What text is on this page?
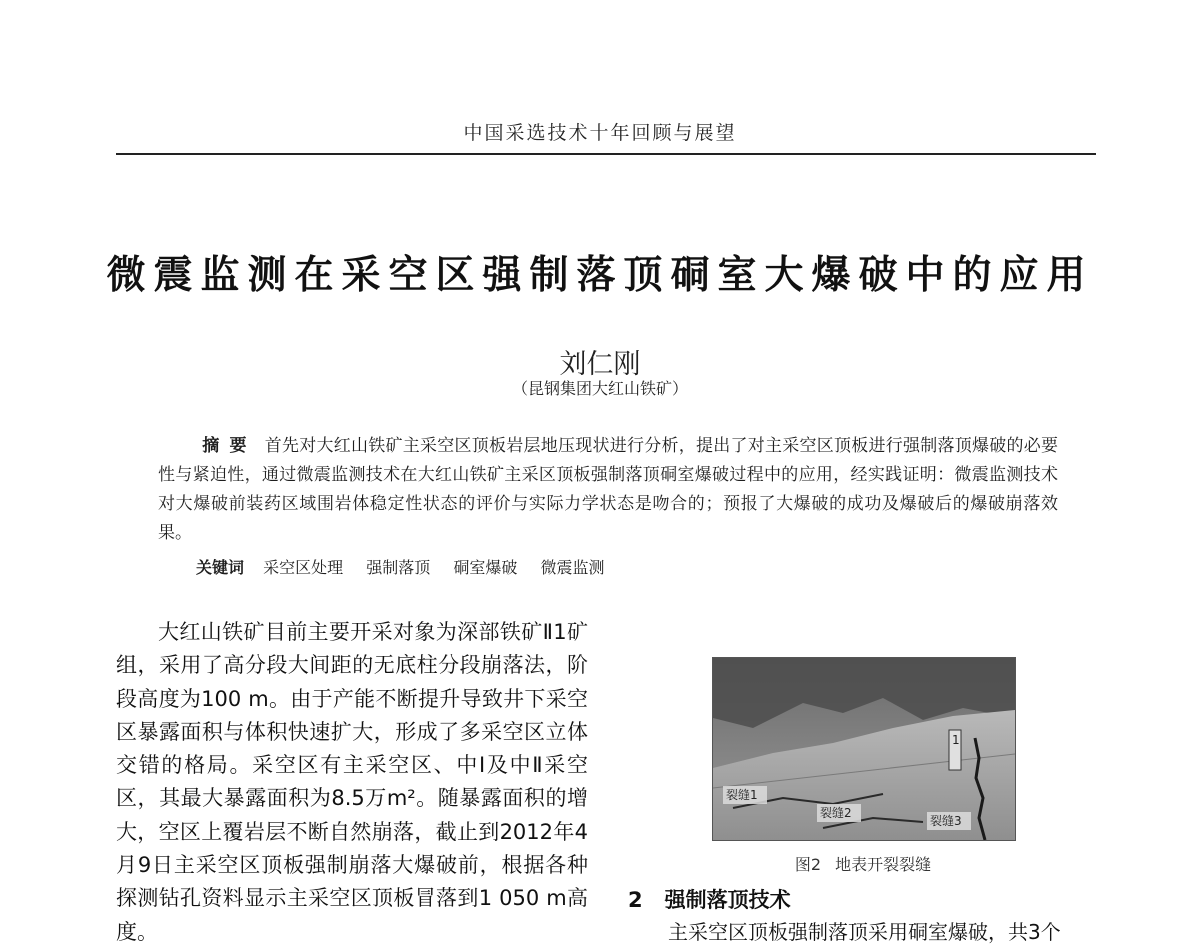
中国采选技术十年回顾与展望
微震监测在采空区强制落顶硐室大爆破中的应用
刘仁刚
（昆钢集团大红山铁矿）
摘要 首先对大红山铁矿主采空区顶板岩层地压现状进行分析，提出了对主采空区顶板进行强制落顶爆破的必要性与紧迫性，通过微震监测技术在大红山铁矿主采区顶板强制落顶硐室爆破过程中的应用，经实践证明：微震监测技术对大爆破前装药区域围岩体稳定性状态的评价与实际力学状态是吻合的；预报了大爆破的成功及爆破后的爆破崩落效果。
关键词 采空区处理 强制落顶 硐室爆破 微震监测
大红山铁矿目前主要开采对象为深部铁矿Ⅱ1矿组，采用了高分段大间距的无底柱分段崩落法，阶段高度为100 m。由于产能不断提升导致井下采空区暴露面积与体积快速扩大，形成了多采空区立体交错的格局。采空区有主采空区、中Ⅰ及中Ⅱ采空区，其最大暴露面积为8.5万m²。随暴露面积的增大，空区上覆岩层不断自然崩落，截止到2012年4月9日主采空区顶板强制崩落大爆破前，根据各种探测钻孔资料显示主采空区顶板冒落到1 050 m高度。
1
裂缝1
裂缝2
裂缝3
图2 地表开裂裂缝
2 强制落顶技术
主采空区顶板强制落顶采用硐室爆破，共3个
